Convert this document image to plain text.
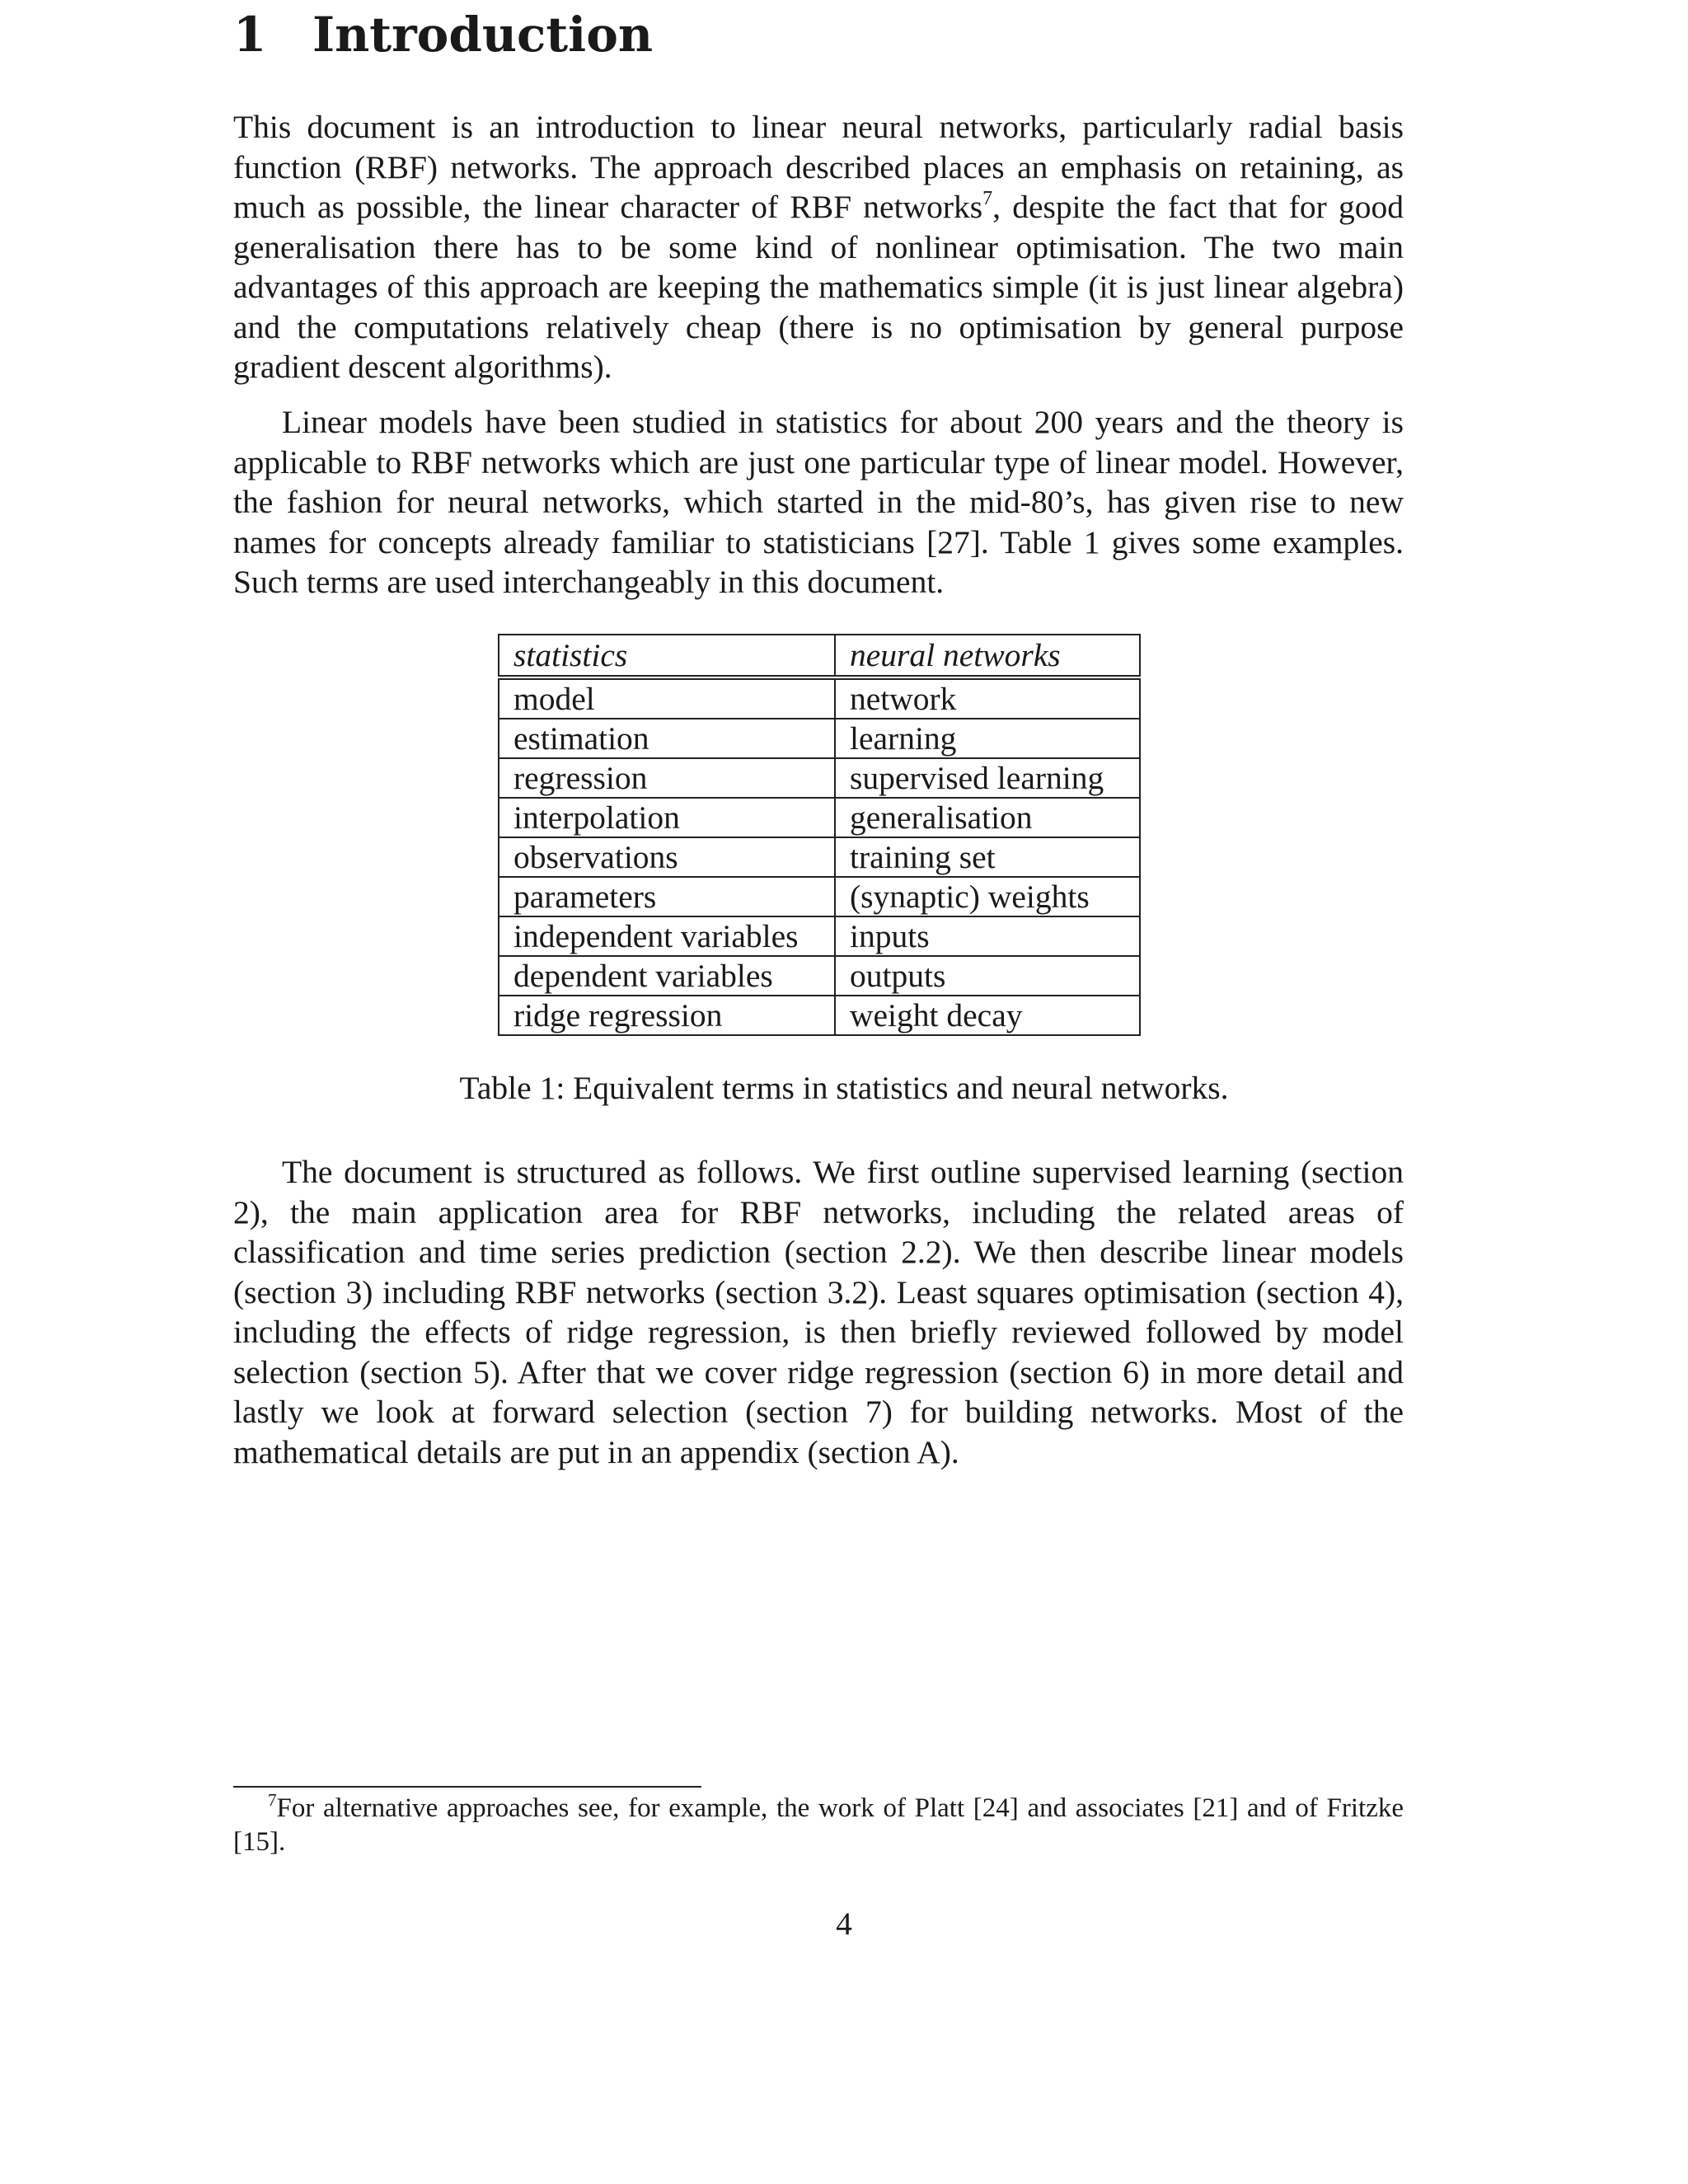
1 Introduction

This document is an introduction to linear neural networks, particularly radial basis function (RBF) networks. The approach described places an emphasis on retaining, as much as possible, the linear character of RBF networks$^7$, despite the fact that for good generalisation there has to be some kind of nonlinear optimisation. The two main advantages of this approach are keeping the mathematics simple (it is just linear algebra) and the computations relatively cheap (there is no optimisation by general purpose gradient descent algorithms).

Linear models have been studied in statistics for about 200 years and the theory is applicable to RBF networks which are just one particular type of linear model. However, the fashion for neural networks, which started in the mid-80’s, has given rise to new names for concepts already familiar to statisticians [27]. Table 1 gives some examples. Such terms are used interchangeably in this document.

statistics	neural networks
model	network
estimation	learning
regression	supervised learning
interpolation	generalisation
observations	training set
parameters	(synaptic) weights
independent variables	inputs
dependent variables	outputs
ridge regression	weight decay

Table 1: Equivalent terms in statistics and neural networks.

The document is structured as follows. We first outline supervised learning (section 2), the main application area for RBF networks, including the related areas of classification and time series prediction (section 2.2). We then describe linear models (section 3) including RBF networks (section 3.2). Least squares optimisation (section 4), including the effects of ridge regression, is then briefly reviewed followed by model selection (section 5). After that we cover ridge regression (section 6) in more detail and lastly we look at forward selection (section 7) for building networks. Most of the mathematical details are put in an appendix (section A).

$^7$For alternative approaches see, for example, the work of Platt [24] and associates [21] and of Fritzke [15].

4
